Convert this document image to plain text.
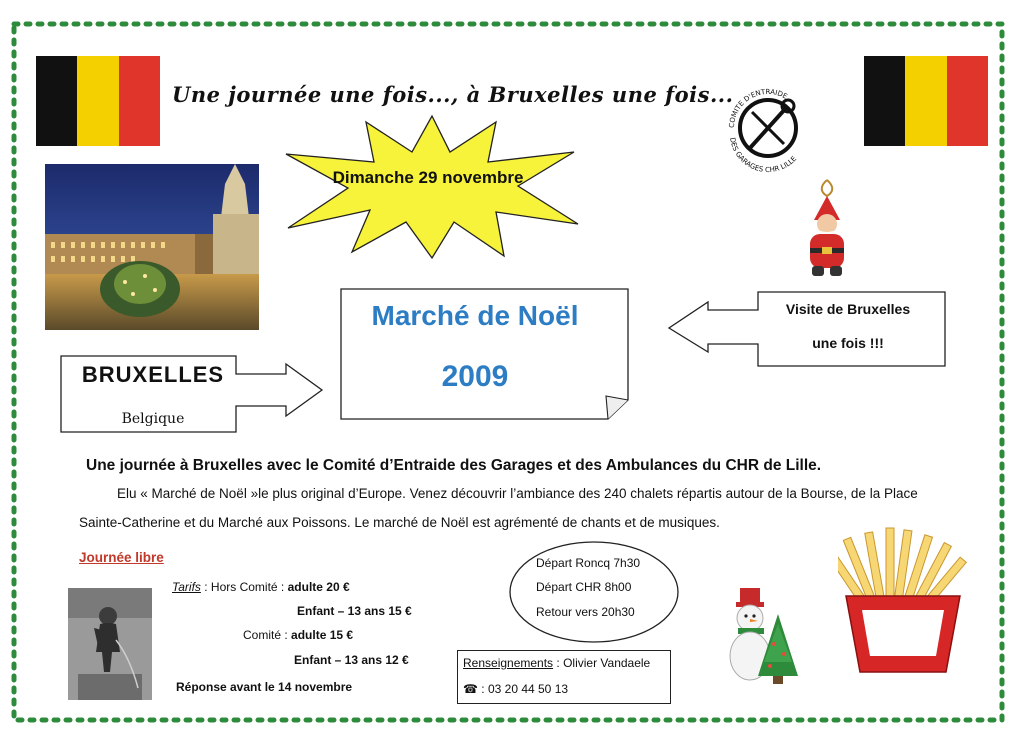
Une journée une fois..., à Bruxelles une fois...
Dimanche 29 novembre
COMITE D'ENTRAIDE
DES GARAGES CHR LILLE
Marché de Noël
2009
BRUXELLES
Belgique
Visite de Bruxelles
une fois !!!
Une journée à Bruxelles avec le Comité d’Entraide des Garages et des Ambulances du CHR de Lille.
Elu « Marché de Noël »le plus original d’Europe. Venez découvrir l’ambiance des 240 chalets répartis autour de la Bourse, de la Place
Sainte-Catherine et du Marché aux Poissons. Le marché de Noël est agrémenté de chants et de musiques.
Journée libre
Tarifs : Hors Comité : adulte 20 €
Enfant – 13 ans 15 €
Comité : adulte 15 €
Enfant – 13 ans 12 €
Réponse avant le 14 novembre
Départ Roncq 7h30
Départ CHR 8h00
Retour vers 20h30
Renseignements : Olivier Vandaele
☎ : 03 20 44 50 13
